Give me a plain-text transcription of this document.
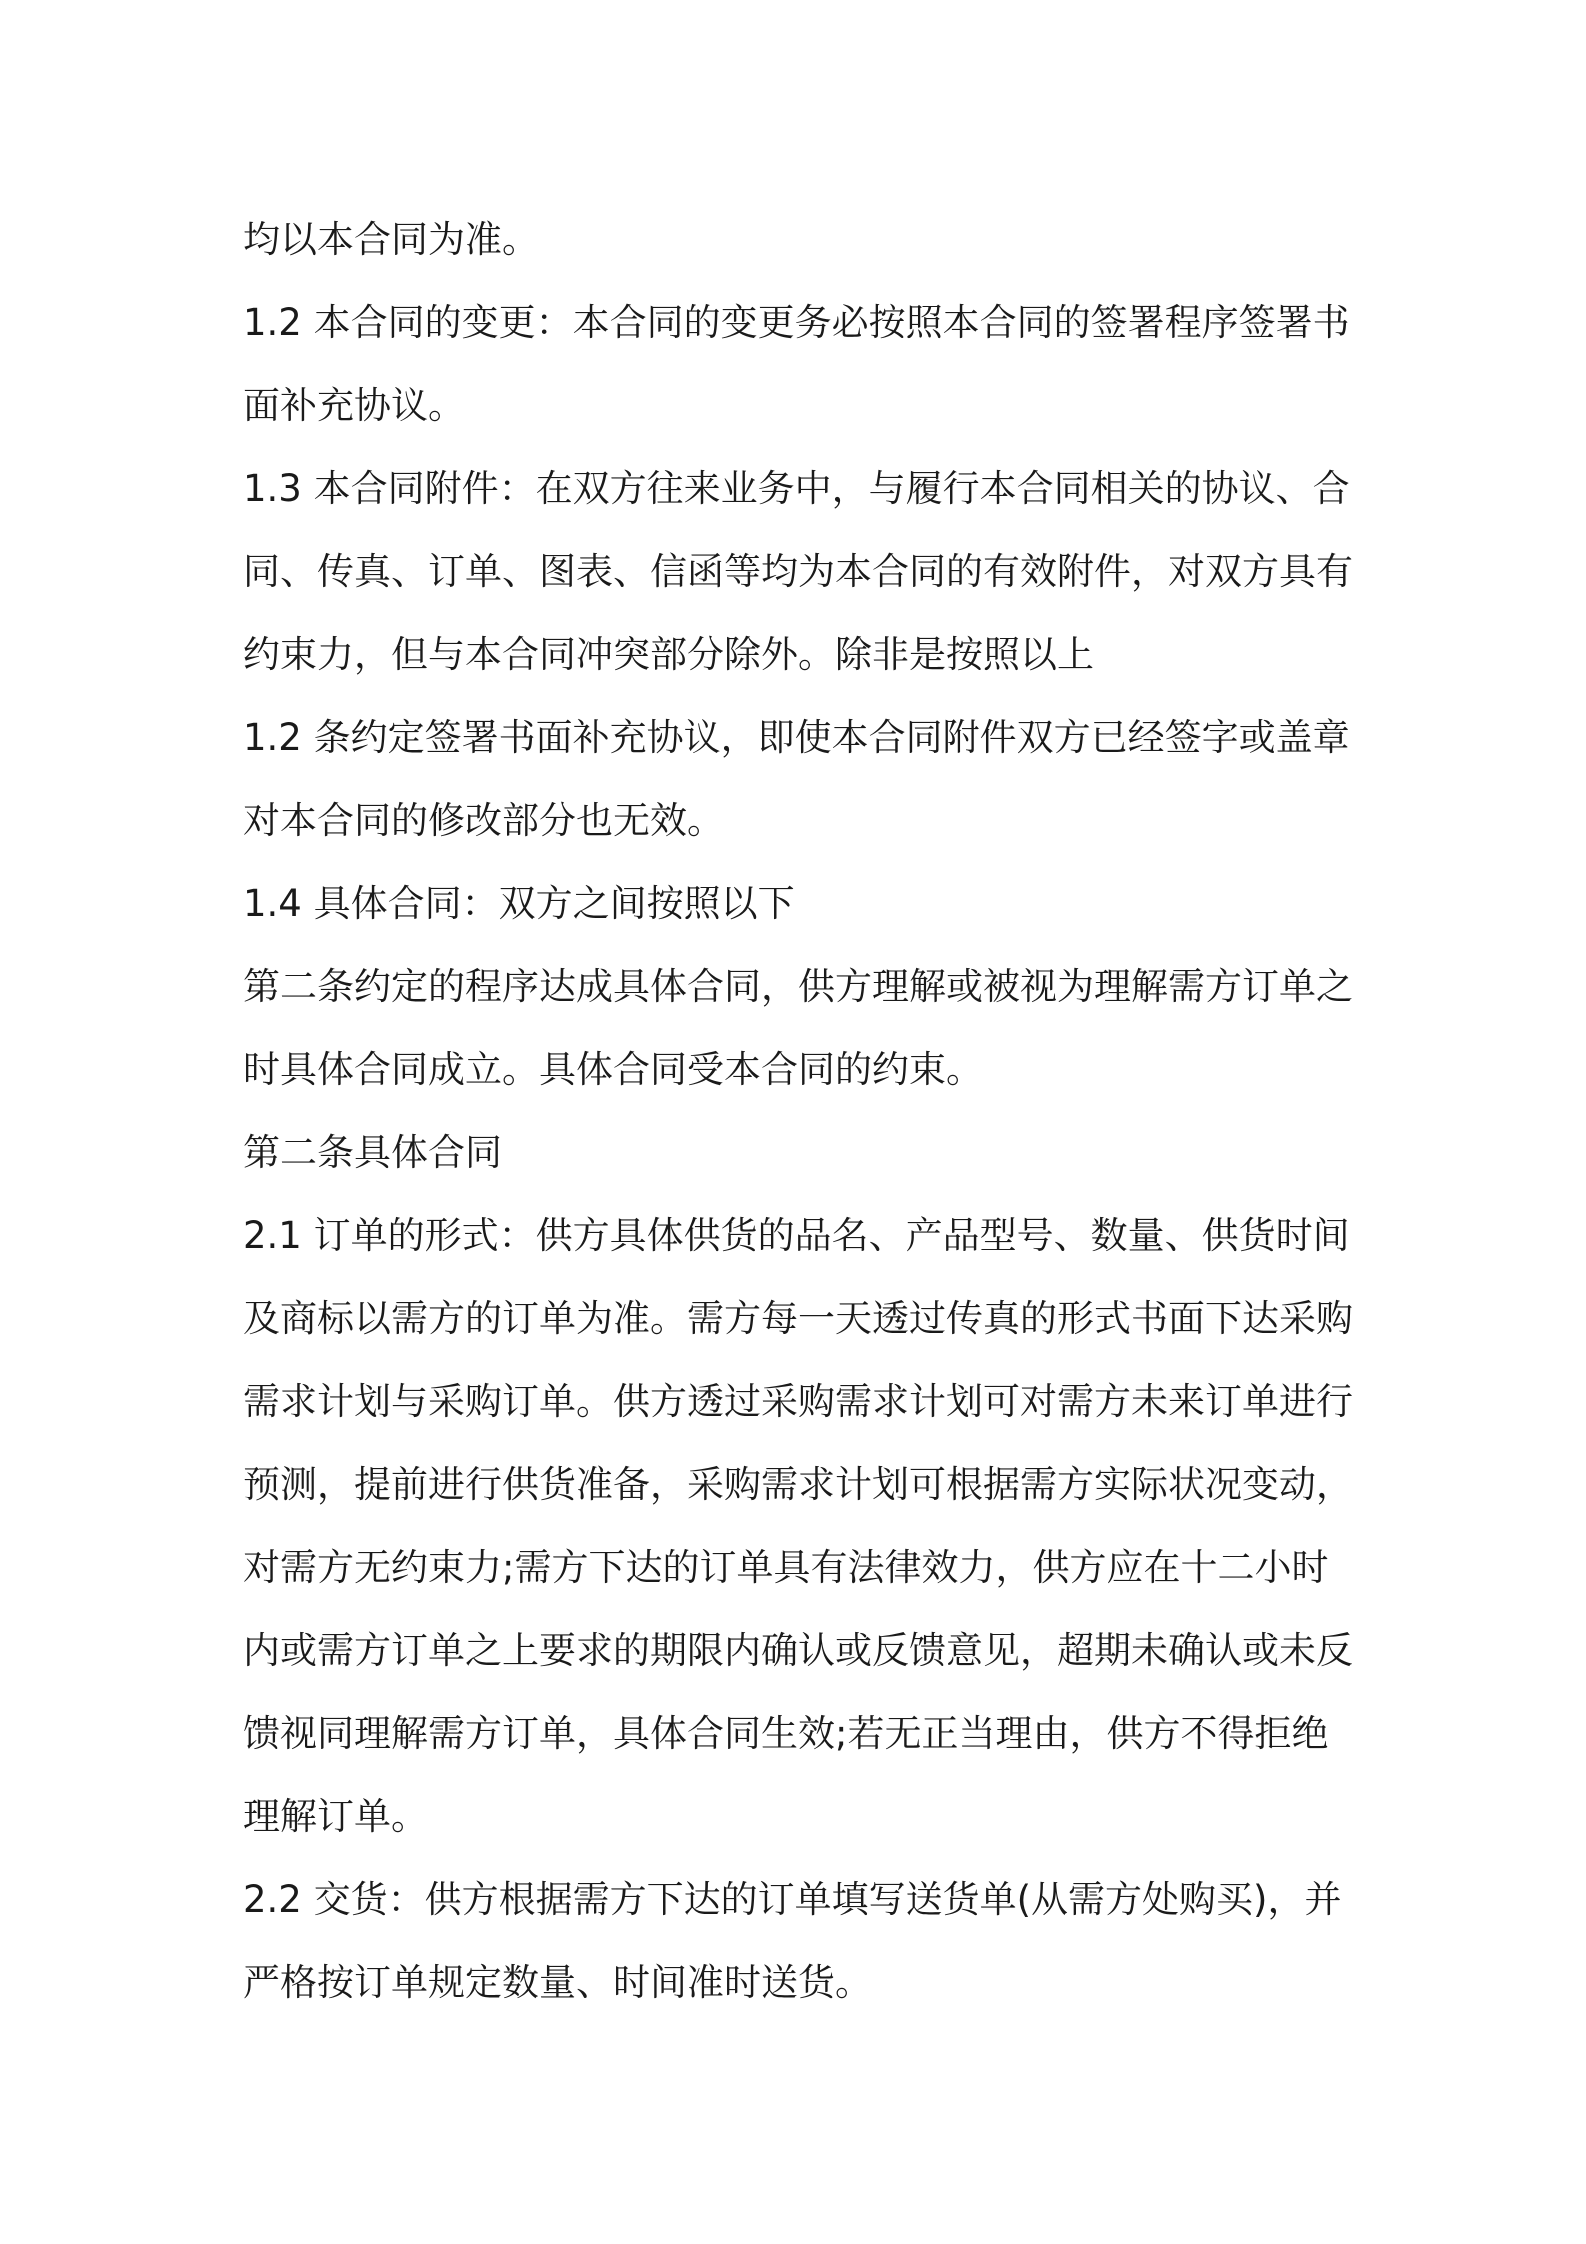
均以本合同为准。
1.2 本合同的变更：本合同的变更务必按照本合同的签署程序签署书
面补充协议。
1.3 本合同附件：在双方往来业务中，与履行本合同相关的协议、合
同、传真、订单、图表、信函等均为本合同的有效附件，对双方具有
约束力，但与本合同冲突部分除外。除非是按照以上
1.2 条约定签署书面补充协议，即使本合同附件双方已经签字或盖章
对本合同的修改部分也无效。
1.4 具体合同：双方之间按照以下
第二条约定的程序达成具体合同，供方理解或被视为理解需方订单之
时具体合同成立。具体合同受本合同的约束。
第二条具体合同
2.1 订单的形式：供方具体供货的品名、产品型号、数量、供货时间
及商标以需方的订单为准。需方每一天透过传真的形式书面下达采购
需求计划与采购订单。供方透过采购需求计划可对需方未来订单进行
预测，提前进行供货准备，采购需求计划可根据需方实际状况变动，
对需方无约束力;需方下达的订单具有法律效力，供方应在十二小时
内或需方订单之上要求的期限内确认或反馈意见，超期未确认或未反
馈视同理解需方订单，具体合同生效;若无正当理由，供方不得拒绝
理解订单。
2.2 交货：供方根据需方下达的订单填写送货单(从需方处购买)，并
严格按订单规定数量、时间准时送货。
